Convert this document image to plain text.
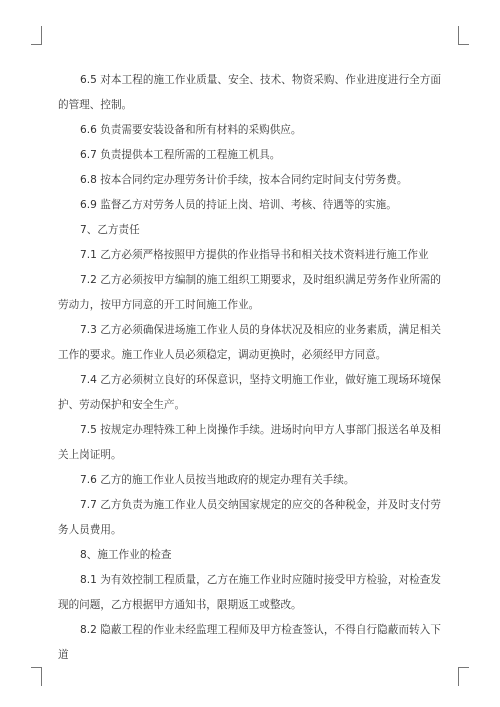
6.5 对本工程的施工作业质量、安全、技术、物资采购、作业进度进行全方面的管理、控制。

6.6 负责需要安装设备和所有材料的采购供应。

6.7 负责提供本工程所需的工程施工机具。

6.8 按本合同约定办理劳务计价手续，按本合同约定时间支付劳务费。

6.9 监督乙方对劳务人员的持证上岗、培训、考核、待遇等的实施。

7、乙方责任

7.1 乙方必须严格按照甲方提供的作业指导书和相关技术资料进行施工作业

7.2 乙方必须按甲方编制的施工组织工期要求，及时组织满足劳务作业所需的劳动力，按甲方同意的开工时间施工作业。

7.3 乙方必须确保进场施工作业人员的身体状况及相应的业务素质，满足相关工作的要求。施工作业人员必须稳定，调动更换时，必须经甲方同意。

7.4 乙方必须树立良好的环保意识，坚持文明施工作业，做好施工现场环境保护、劳动保护和安全生产。

7.5 按规定办理特殊工种上岗操作手续。进场时向甲方人事部门报送名单及相关上岗证明。

7.6 乙方的施工作业人员按当地政府的规定办理有关手续。

7.7 乙方负责为施工作业人员交纳国家规定的应交的各种税金，并及时支付劳务人员费用。

8、施工作业的检查

8.1 为有效控制工程质量，乙方在施工作业时应随时接受甲方检验，对检查发现的问题，乙方根据甲方通知书，限期返工或整改。

8.2 隐蔽工程的作业未经监理工程师及甲方检查签认，不得自行隐蔽而转入下道
